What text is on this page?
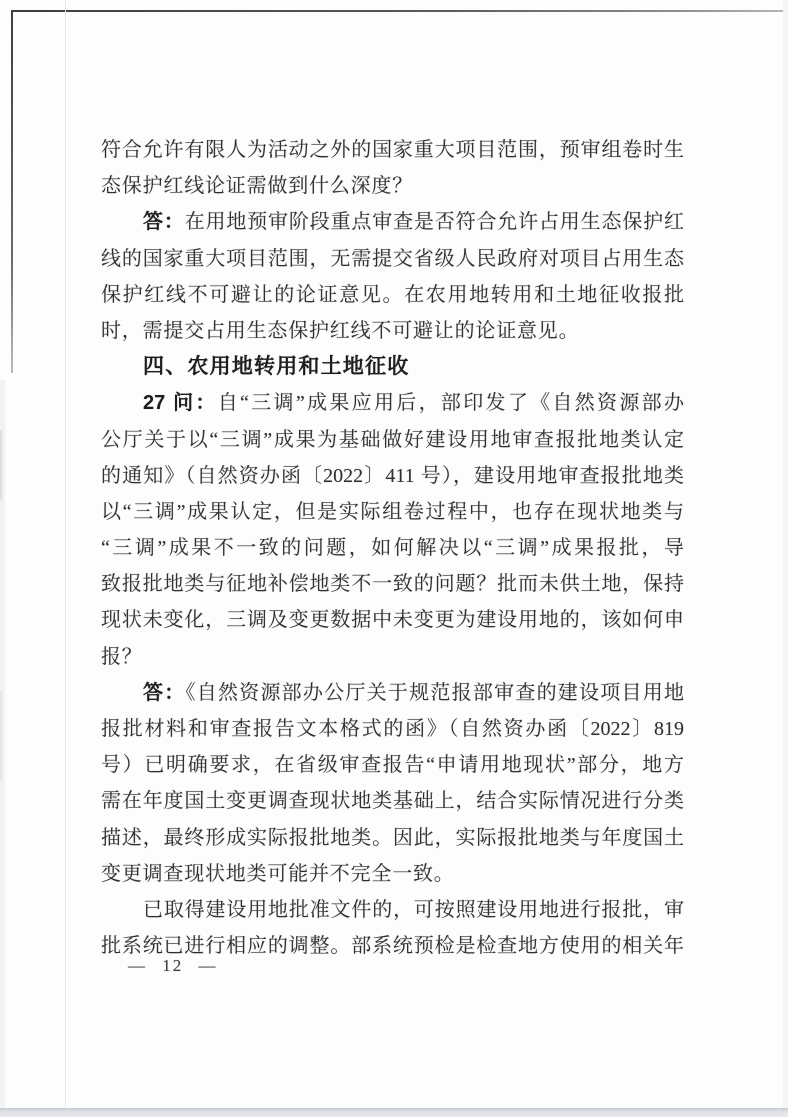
符合允许有限人为活动之外的国家重大项目范围，预审组卷时生
态保护红线论证需做到什么深度？
答：在用地预审阶段重点审查是否符合允许占用生态保护红
线的国家重大项目范围，无需提交省级人民政府对项目占用生态
保护红线不可避让的论证意见。在农用地转用和土地征收报批
时，需提交占用生态保护红线不可避让的论证意见。
四、农用地转用和土地征收
27 问：自“三调”成果应用后，部印发了《自然资源部办
公厅关于以“三调”成果为基础做好建设用地审查报批地类认定
的通知》（自然资办函〔2022〕411 号），建设用地审查报批地类
以“三调”成果认定，但是实际组卷过程中，也存在现状地类与
“三调”成果不一致的问题，如何解决以“三调”成果报批，导
致报批地类与征地补偿地类不一致的问题？批而未供土地，保持
现状未变化，三调及变更数据中未变更为建设用地的，该如何申
报？
答：《自然资源部办公厅关于规范报部审查的建设项目用地
报批材料和审查报告文本格式的函》（自然资办函〔2022〕819
号）已明确要求，在省级审查报告“申请用地现状”部分，地方
需在年度国土变更调查现状地类基础上，结合实际情况进行分类
描述，最终形成实际报批地类。因此，实际报批地类与年度国土
变更调查现状地类可能并不完全一致。
已取得建设用地批准文件的，可按照建设用地进行报批，审
批系统已进行相应的调整。部系统预检是检查地方使用的相关年
— 12 —
